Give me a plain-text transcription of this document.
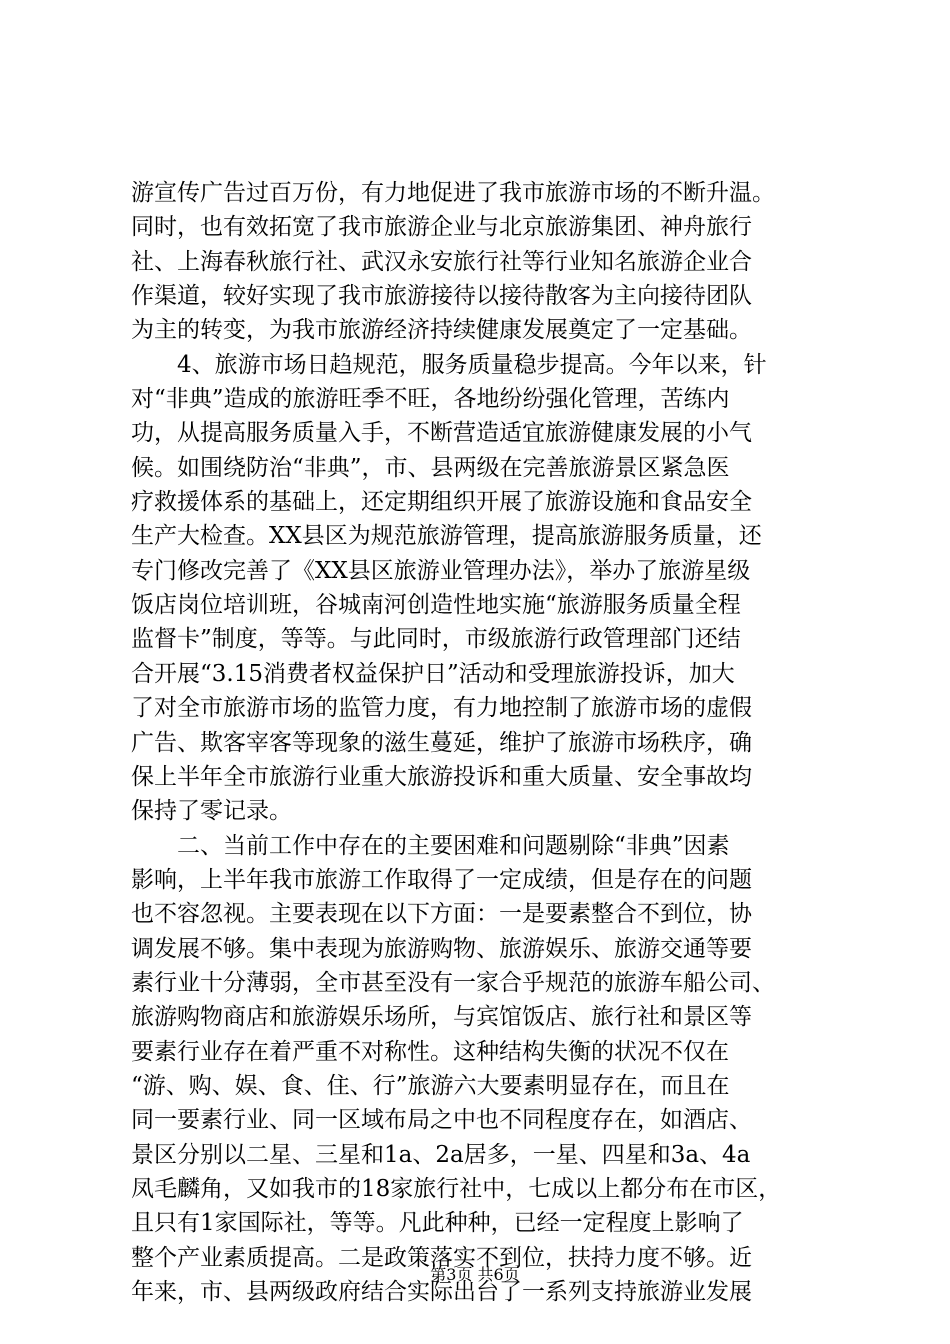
游宣传广告过百万份，有力地促进了我市旅游市场的不断升温。
同时，也有效拓宽了我市旅游企业与北京旅游集团、神舟旅行
社、上海春秋旅行社、武汉永安旅行社等行业知名旅游企业合
作渠道，较好实现了我市旅游接待以接待散客为主向接待团队
为主的转变，为我市旅游经济持续健康发展奠定了一定基础。
　　4、旅游市场日趋规范，服务质量稳步提高。今年以来，针
对“非典”造成的旅游旺季不旺，各地纷纷强化管理，苦练内
功，从提高服务质量入手，不断营造适宜旅游健康发展的小气
候。如围绕防治“非典”，市、县两级在完善旅游景区紧急医
疗救援体系的基础上，还定期组织开展了旅游设施和食品安全
生产大检查。XX县区为规范旅游管理，提高旅游服务质量，还
专门修改完善了《XX县区旅游业管理办法》，举办了旅游星级
饭店岗位培训班，谷城南河创造性地实施“旅游服务质量全程
监督卡”制度，等等。与此同时，市级旅游行政管理部门还结
合开展“3.15消费者权益保护日”活动和受理旅游投诉，加大
了对全市旅游市场的监管力度，有力地控制了旅游市场的虚假
广告、欺客宰客等现象的滋生蔓延，维护了旅游市场秩序，确
保上半年全市旅游行业重大旅游投诉和重大质量、安全事故均
保持了零记录。
　　二、当前工作中存在的主要困难和问题剔除“非典”因素
影响，上半年我市旅游工作取得了一定成绩，但是存在的问题
也不容忽视。主要表现在以下方面：一是要素整合不到位，协
调发展不够。集中表现为旅游购物、旅游娱乐、旅游交通等要
素行业十分薄弱，全市甚至没有一家合乎规范的旅游车船公司、
旅游购物商店和旅游娱乐场所，与宾馆饭店、旅行社和景区等
要素行业存在着严重不对称性。这种结构失衡的状况不仅在
“游、购、娱、食、住、行”旅游六大要素明显存在，而且在
同一要素行业、同一区域布局之中也不同程度存在，如酒店、
景区分别以二星、三星和1a、2a居多，一星、四星和3a、4a
凤毛麟角，又如我市的18家旅行社中，七成以上都分布在市区，
且只有1家国际社，等等。凡此种种，已经一定程度上影响了
整个产业素质提高。二是政策落实不到位，扶持力度不够。近
年来，市、县两级政府结合实际出台了一系列支持旅游业发展
第3页 共6页
